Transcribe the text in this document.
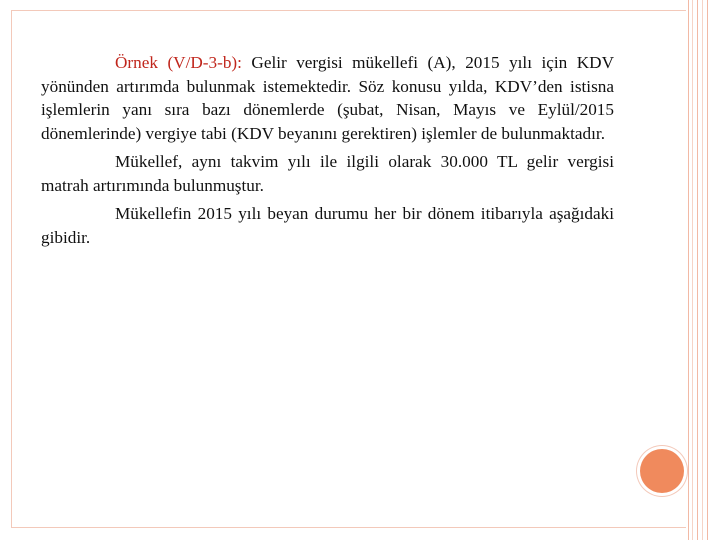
Örnek (V/D-3-b): Gelir vergisi mükellefi (A), 2015 yılı için KDV yönünden artırımda bulunmak istemektedir. Söz konusu yılda, KDV’den istisna işlemlerin yanı sıra bazı dönemlerde (şubat, Nisan, Mayıs ve Eylül/2015 dönemlerinde) vergiye tabi (KDV beyanını gerektiren) işlemler de bulunmaktadır.

Mükellef, aynı takvim yılı ile ilgili olarak 30.000 TL gelir vergisi matrah artırımında bulunmuştur.

Mükellefin 2015 yılı beyan durumu her bir dönem itibarıyla aşağıdaki gibidir.
